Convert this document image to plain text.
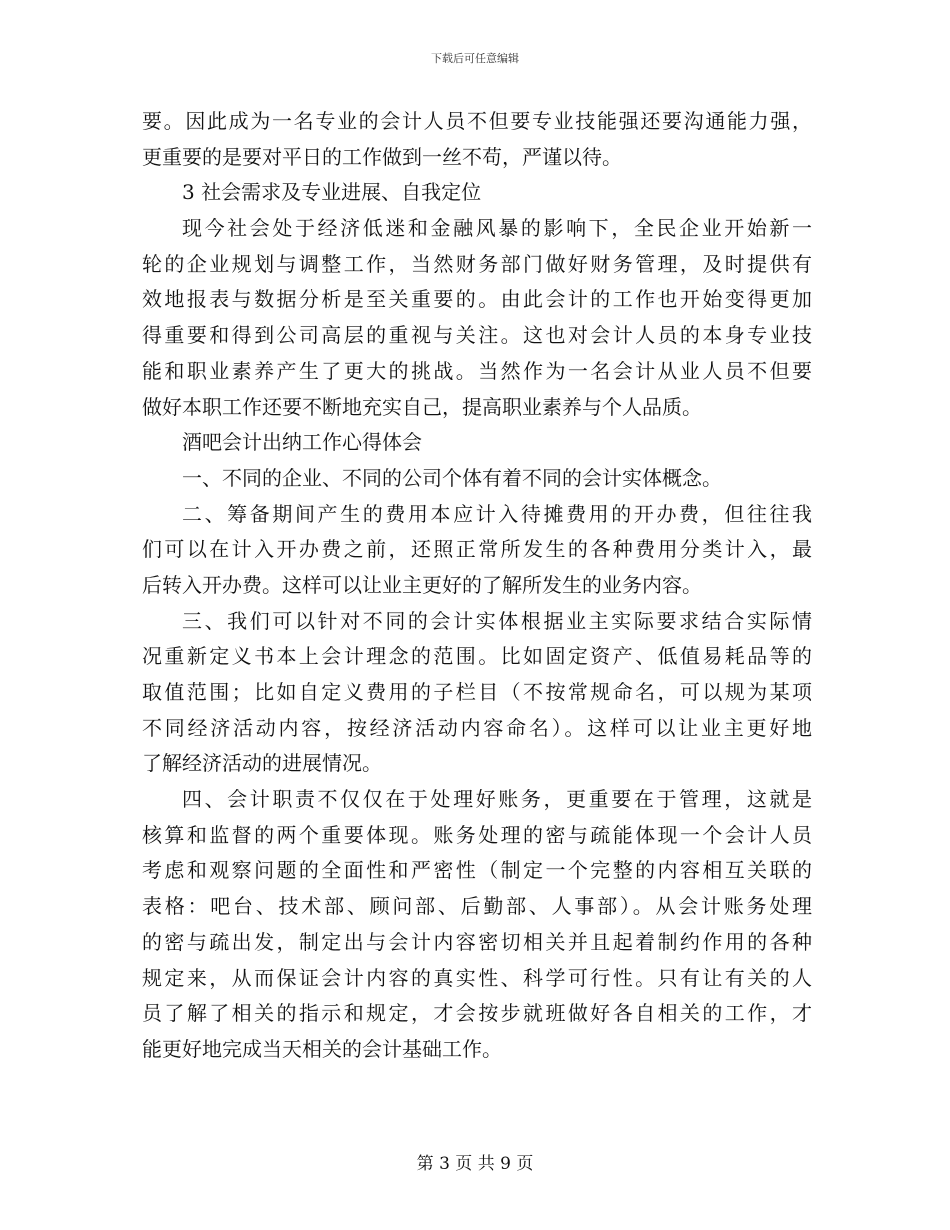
下载后可任意编辑
要。因此成为一名专业的会计人员不但要专业技能强还要沟通能力强，
更重要的是要对平日的工作做到一丝不苟，严谨以待。
3 社会需求及专业进展、自我定位
现今社会处于经济低迷和金融风暴的影响下，全民企业开始新一
轮的企业规划与调整工作，当然财务部门做好财务管理，及时提供有
效地报表与数据分析是至关重要的。由此会计的工作也开始变得更加
得重要和得到公司高层的重视与关注。这也对会计人员的本身专业技
能和职业素养产生了更大的挑战。当然作为一名会计从业人员不但要
做好本职工作还要不断地充实自己，提高职业素养与个人品质。
酒吧会计出纳工作心得体会
一、不同的企业、不同的公司个体有着不同的会计实体概念。
二、筹备期间产生的费用本应计入待摊费用的开办费，但往往我
们可以在计入开办费之前，还照正常所发生的各种费用分类计入，最
后转入开办费。这样可以让业主更好的了解所发生的业务内容。
三、我们可以针对不同的会计实体根据业主实际要求结合实际情
况重新定义书本上会计理念的范围。比如固定资产、低值易耗品等的
取值范围；比如自定义费用的子栏目（不按常规命名，可以规为某项
不同经济活动内容，按经济活动内容命名）。这样可以让业主更好地
了解经济活动的进展情况。
四、会计职责不仅仅在于处理好账务，更重要在于管理，这就是
核算和监督的两个重要体现。账务处理的密与疏能体现一个会计人员
考虑和观察问题的全面性和严密性（制定一个完整的内容相互关联的
表格：吧台、技术部、顾问部、后勤部、人事部）。从会计账务处理
的密与疏出发，制定出与会计内容密切相关并且起着制约作用的各种
规定来，从而保证会计内容的真实性、科学可行性。只有让有关的人
员了解了相关的指示和规定，才会按步就班做好各自相关的工作，才
能更好地完成当天相关的会计基础工作。
第 3 页 共 9 页
